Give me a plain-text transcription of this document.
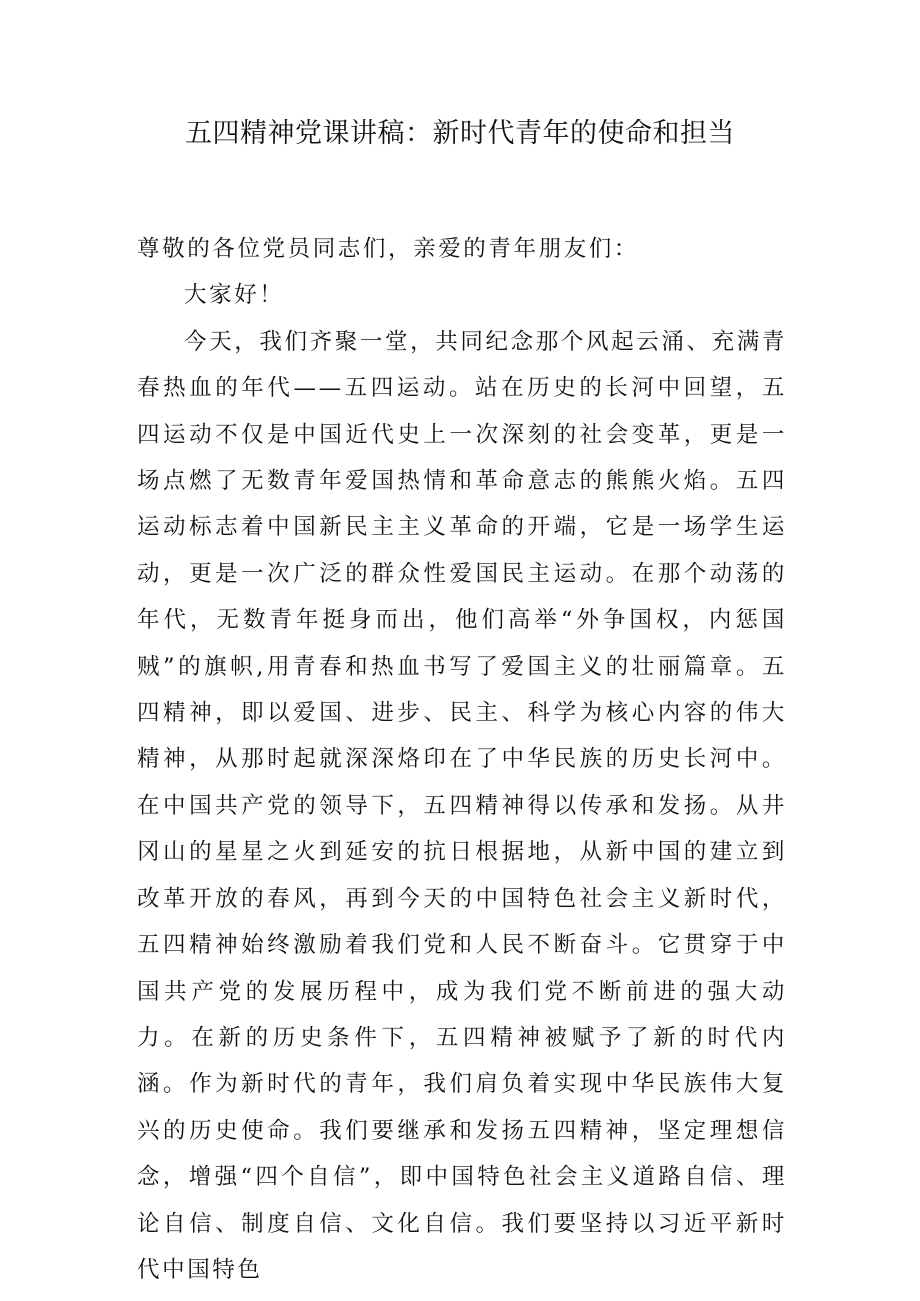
五四精神党课讲稿：新时代青年的使命和担当

尊敬的各位党员同志们，亲爱的青年朋友们：

大家好！

今天，我们齐聚一堂，共同纪念那个风起云涌、充满青春热血的年代——五四运动。站在历史的长河中回望，五四运动不仅是中国近代史上一次深刻的社会变革，更是一场点燃了无数青年爱国热情和革命意志的熊熊火焰。五四运动标志着中国新民主主义革命的开端，它是一场学生运动，更是一次广泛的群众性爱国民主运动。在那个动荡的年代，无数青年挺身而出，他们高举“外争国权，内惩国贼”的旗帜,用青春和热血书写了爱国主义的壮丽篇章。五四精神，即以爱国、进步、民主、科学为核心内容的伟大精神，从那时起就深深烙印在了中华民族的历史长河中。在中国共产党的领导下，五四精神得以传承和发扬。从井冈山的星星之火到延安的抗日根据地，从新中国的建立到改革开放的春风，再到今天的中国特色社会主义新时代，五四精神始终激励着我们党和人民不断奋斗。它贯穿于中国共产党的发展历程中，成为我们党不断前进的强大动力。在新的历史条件下，五四精神被赋予了新的时代内涵。作为新时代的青年，我们肩负着实现中华民族伟大复兴的历史使命。我们要继承和发扬五四精神，坚定理想信念，增强“四个自信”，即中国特色社会主义道路自信、理论自信、制度自信、文化自信。我们要坚持以习近平新时代中国特色
